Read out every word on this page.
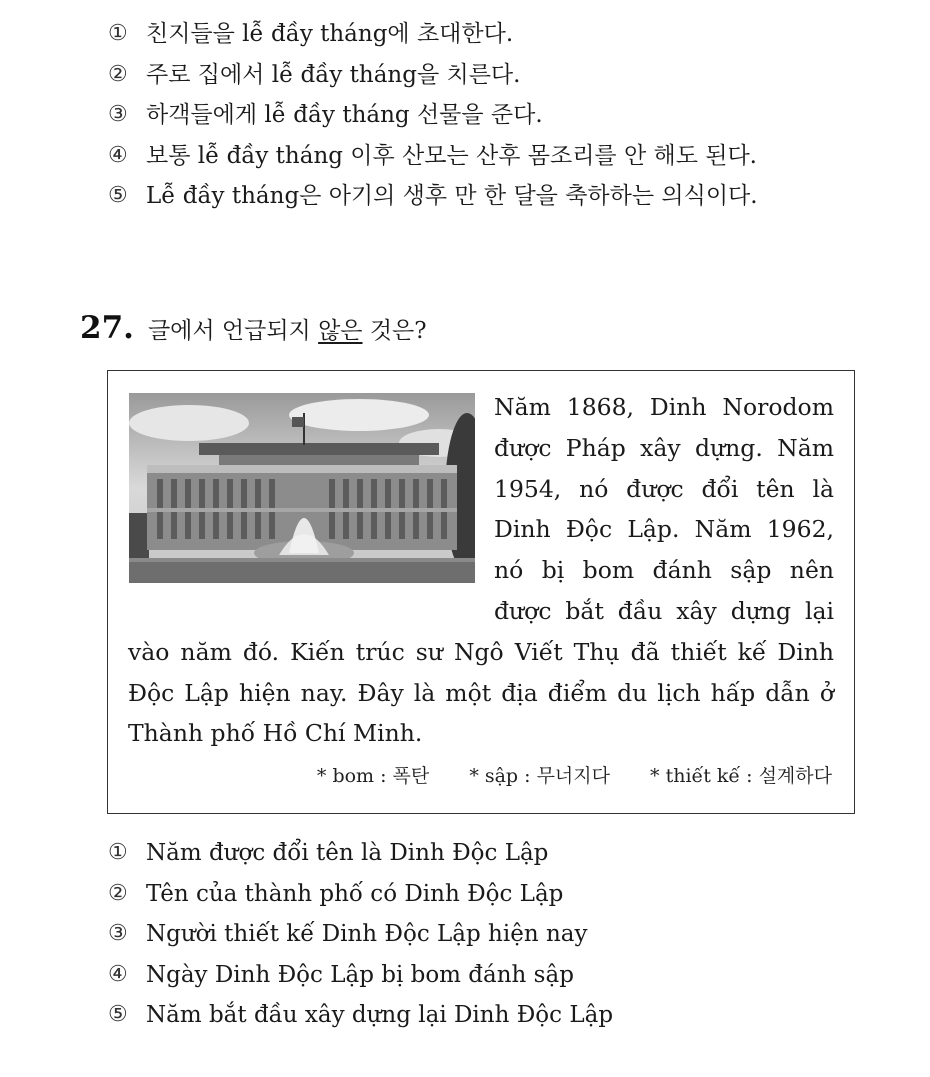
① 친지들을 lễ đầy tháng에 초대한다.
② 주로 집에서 lễ đầy tháng을 치른다.
③ 하객들에게 lễ đầy tháng 선물을 준다.
④ 보통 lễ đầy tháng 이후 산모는 산후 몸조리를 안 해도 된다.
⑤ Lễ đầy tháng은 아기의 생후 만 한 달을 축하하는 의식이다.
27. 글에서 언급되지 않은 것은?
Năm 1868, Dinh Norodom được Pháp xây dựng. Năm 1954, nó được đổi tên là Dinh Độc Lập. Năm 1962, nó bị bom đánh sập nên được bắt đầu xây dựng lại vào năm đó. Kiến trúc sư Ngô Viết Thụ đã thiết kế Dinh Độc Lập hiện nay. Đây là một địa điểm du lịch hấp dẫn ở Thành phố Hồ Chí Minh.
* bom : 폭탄 * sập : 무너지다 * thiết kế : 설계하다
① Năm được đổi tên là Dinh Độc Lập
② Tên của thành phố có Dinh Độc Lập
③ Người thiết kế Dinh Độc Lập hiện nay
④ Ngày Dinh Độc Lập bị bom đánh sập
⑤ Năm bắt đầu xây dựng lại Dinh Độc Lập
